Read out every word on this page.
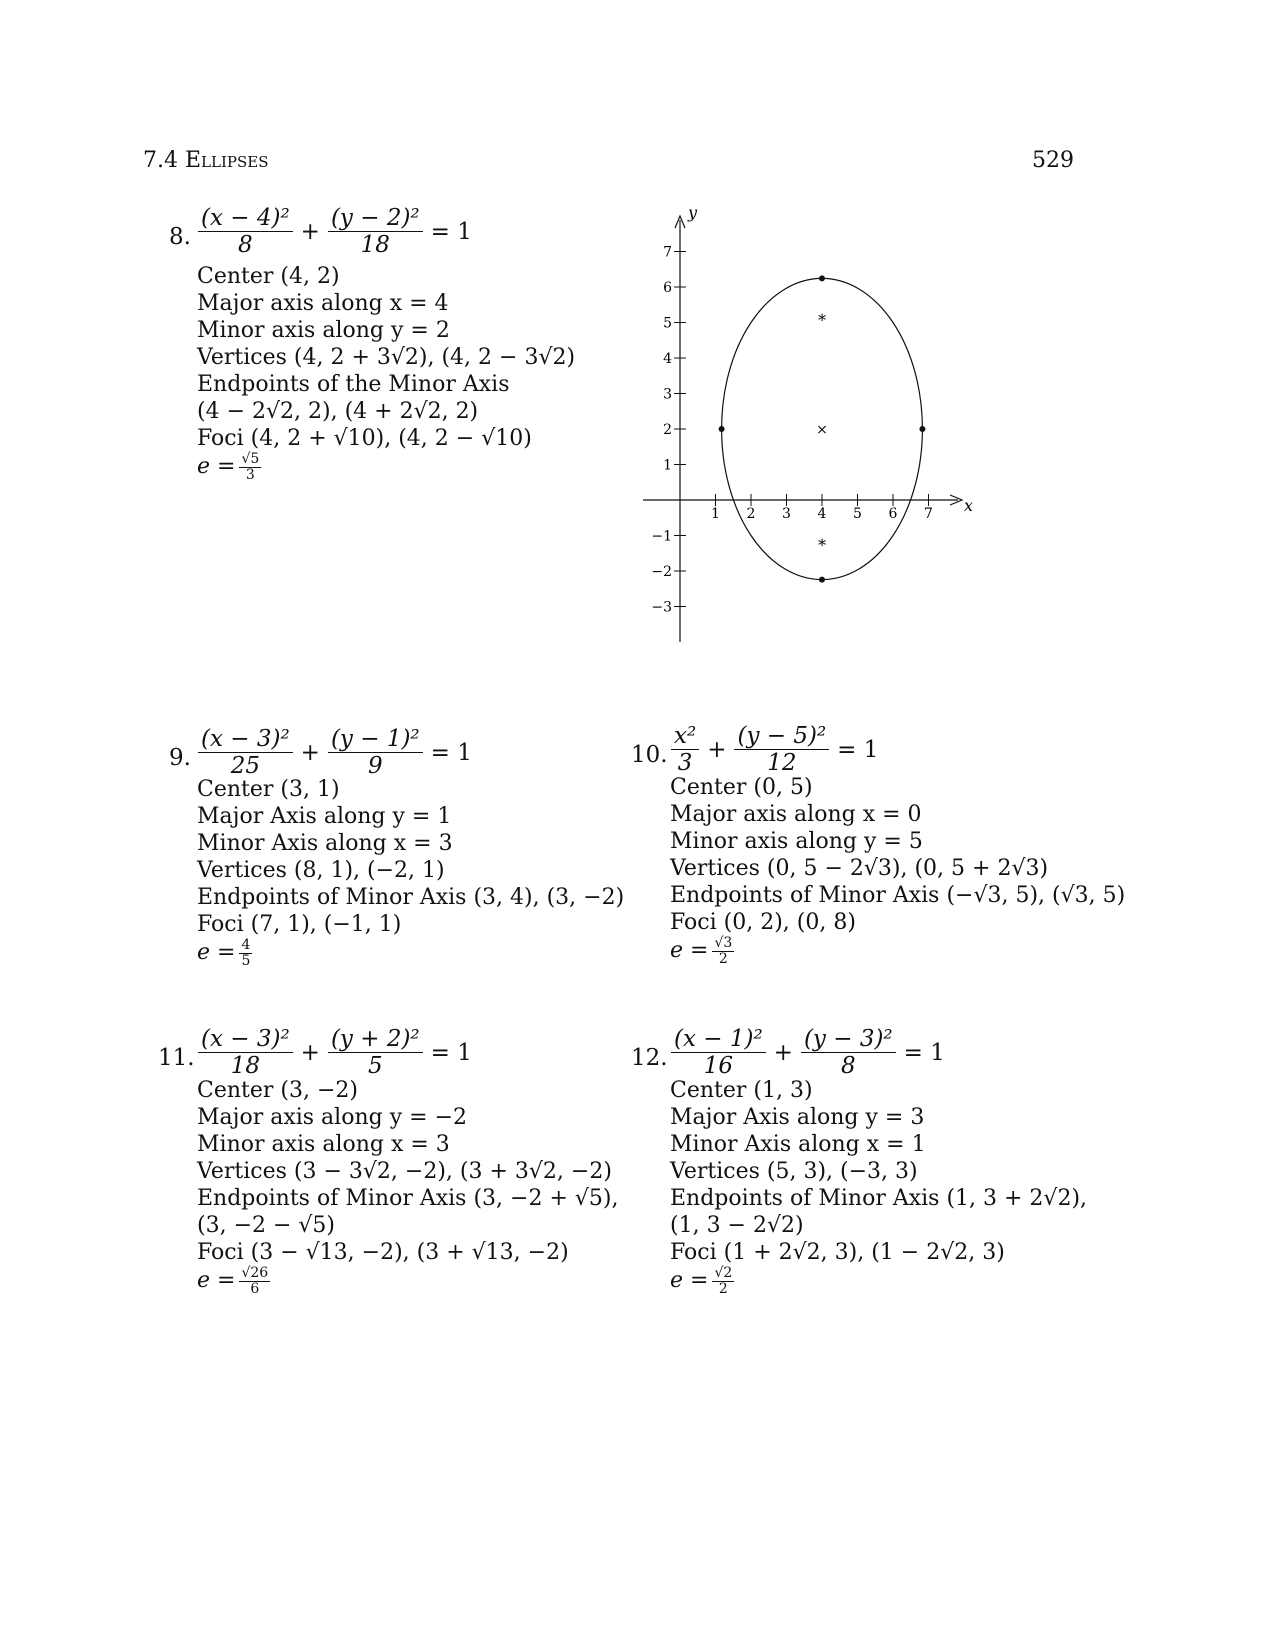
7.4 Ellipses	529
8. $\frac{\text{(x − 4)²}}{8} + \frac{\text{(y − 2)²}}{18} = 1$
Center (4, 2)
Major axis along x = 4
Minor axis along y = 2
Vertices (4, 2 + 3√2), (4, 2 − 3√2)
Endpoints of the Minor Axis
(4 − 2√2, 2), (4 + 2√2, 2)
Foci (4, 2 + √10), (4, 2 − √10)
$e = \frac{√5}{3}$
x
y
1 2 3 4 5 6 7
−3
−2
−1
1
2
3
4
5
6
7
×
∗
∗
9. $\frac{\text{(x − 3)²}}{25} + \frac{\text{(y − 1)²}}{9} = 1$
Center (3, 1)
Major Axis along y = 1
Minor Axis along x = 3
Vertices (8, 1), (−2, 1)
Endpoints of Minor Axis (3, 4), (3, −2)
Foci (7, 1), (−1, 1)
$e = \frac{4}{5}$
10. $\frac{\text{x²}}{3} + \frac{\text{(y − 5)²}}{12} = 1$
Center (0, 5)
Major axis along x = 0
Minor axis along y = 5
Vertices (0, 5 − 2√3), (0, 5 + 2√3)
Endpoints of Minor Axis (−√3, 5), (√3, 5)
Foci (0, 2), (0, 8)
$e = \frac{√3}{2}$
11. $\frac{\text{(x − 3)²}}{18} + \frac{\text{(y + 2)²}}{5} = 1$
Center (3, −2)
Major axis along y = −2
Minor axis along x = 3
Vertices (3 − 3√2, −2), (3 + 3√2, −2)
Endpoints of Minor Axis (3, −2 + √5),
(3, −2 − √5)
Foci (3 − √13, −2), (3 + √13, −2)
$e = \frac{√26}{6}$
12. $\frac{\text{(x − 1)²}}{16} + \frac{\text{(y − 3)²}}{8} = 1$
Center (1, 3)
Major Axis along y = 3
Minor Axis along x = 1
Vertices (5, 3), (−3, 3)
Endpoints of Minor Axis (1, 3 + 2√2),
(1, 3 − 2√2)
Foci (1 + 2√2, 3), (1 − 2√2, 3)
$e = \frac{√2}{2}$
